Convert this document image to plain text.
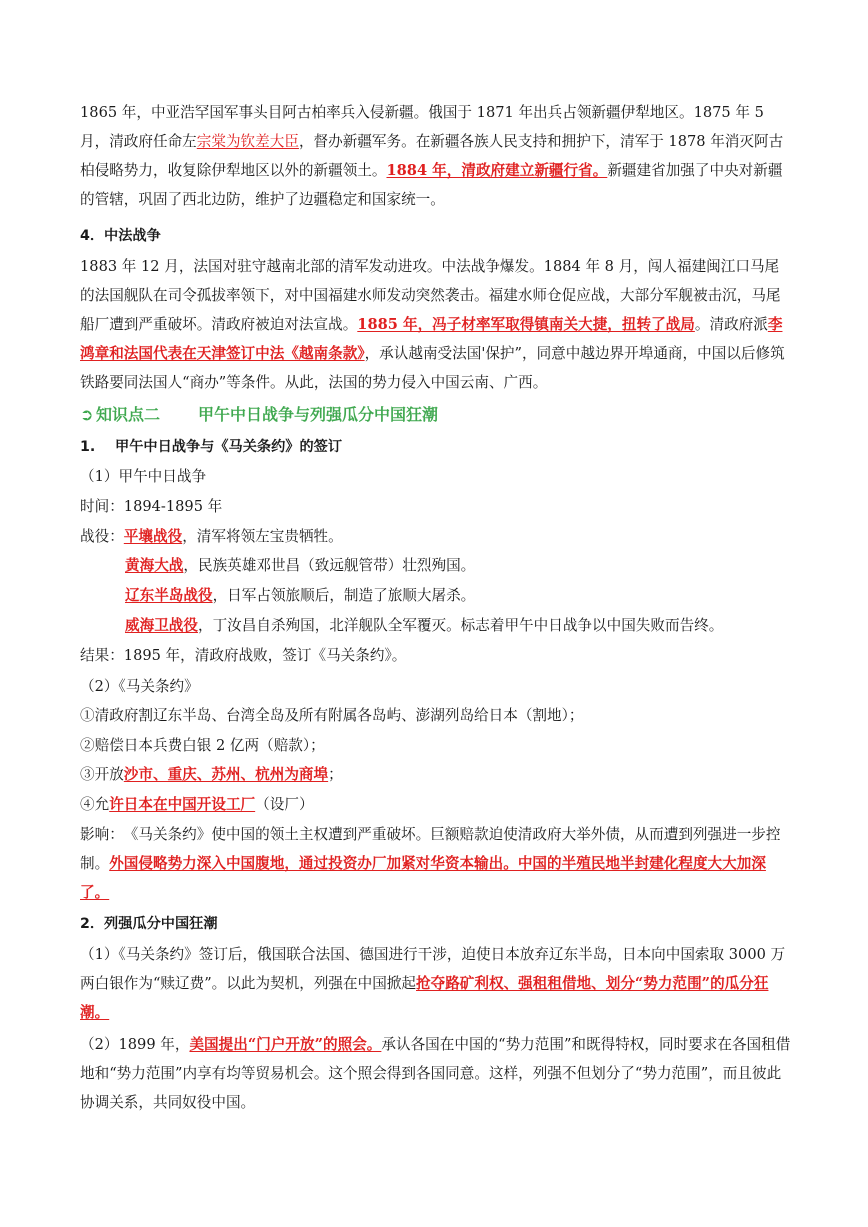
1865 年，中亚浩罕国军事头目阿古柏率兵入侵新疆。俄国于 1871 年出兵占领新疆伊犁地区。1875 年 5 月，清政府任命左宗棠为钦差大臣，督办新疆军务。在新疆各族人民支持和拥护下，清军于 1878 年消灭阿古柏侵略势力，收复除伊犁地区以外的新疆领土。1884 年，清政府建立新疆行省。新疆建省加强了中央对新疆的管辖，巩固了西北边防，维护了边疆稳定和国家统一。
4．中法战争
1883 年 12 月，法国对驻守越南北部的清军发动进攻。中法战争爆发。1884 年 8 月，闯人福建闽江口马尾的法国舰队在司令孤拔率领下，对中国福建水师发动突然袭击。福建水师仓促应战，大部分军舰被击沉，马尾船厂遭到严重破坏。清政府被迫对法宣战。1885 年，冯子材率军取得镇南关大捷，扭转了战局。清政府派李鸿章和法国代表在天津签订中法《越南条款》，承认越南受法国'保护”，同意中越边界开埠通商，中国以后修筑铁路要同法国人“商办”等条件。从此，法国的势力侵入中国云南、广西。
➲ 知识点二 甲午中日战争与列强瓜分中国狂潮
1.    甲午中日战争与《马关条约》的签订
（1）甲午中日战争
时间：1894-1895 年
战役：平壤战役，清军将领左宝贵牺牲。
黄海大战，民族英雄邓世昌（致远舰管带）壮烈殉国。
辽东半岛战役，日军占领旅顺后，制造了旅顺大屠杀。
威海卫战役，丁汝昌自杀殉国，北洋舰队全军覆灭。标志着甲午中日战争以中国失败而告终。
结果：1895 年，清政府战败，签订《马关条约》。
（2）《马关条约》
①清政府割辽东半岛、台湾全岛及所有附属各岛屿、澎湖列岛给日本（割地）；
②赔偿日本兵费白银 2 亿两（赔款）；
③开放沙市、重庆、苏州、杭州为商埠；
④允许日本在中国开设工厂（设厂）
影响：　《马关条约》使中国的领土主权遭到严重破坏。巨额赔款迫使清政府大举外债，从而遭到列强进一步控制。外国侵略势力深入中国腹地，通过投资办厂加紧对华资本输出。中国的半殖民地半封建化程度大大加深了。
2．列强瓜分中国狂潮
（1）《马关条约》签订后，俄国联合法国、德国进行干涉，迫使日本放弃辽东半岛，日本向中国索取 3000 万两白银作为“赎辽费”。以此为契机，列强在中国掀起抢夺路矿利权、强租租借地、划分“势力范围”的瓜分狂潮。
（2）1899 年，美国提出“门户开放”的照会。承认各国在中国的“势力范围”和既得特权，同时要求在各国租借地和“势力范围”内享有均等贸易机会。这个照会得到各国同意。这样，列强不但划分了“势力范围”，而且彼此协调关系，共同奴役中国。
